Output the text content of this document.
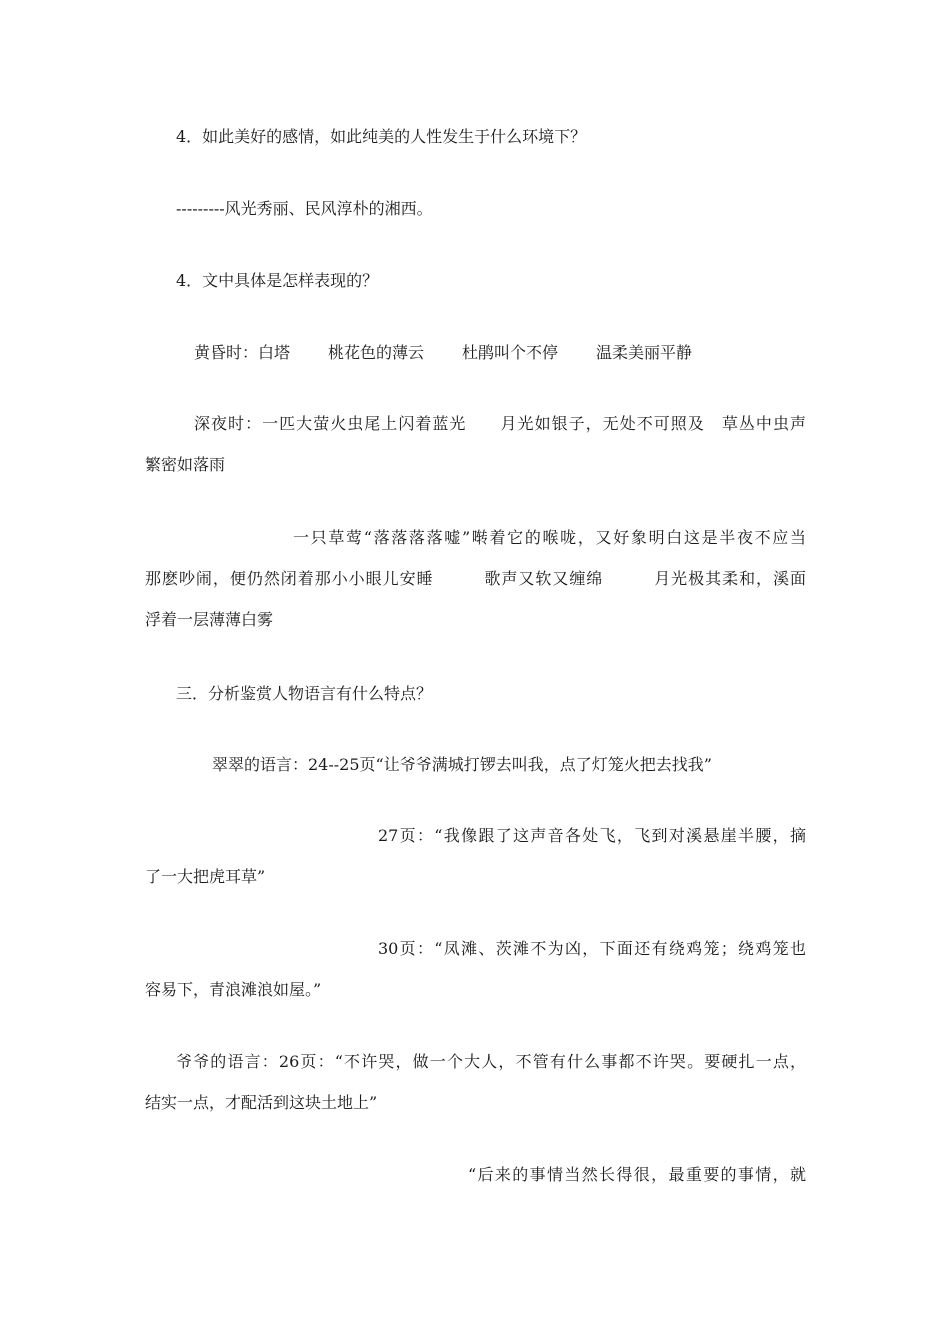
4．如此美好的感情，如此纯美的人性发生于什么环境下？
---------风光秀丽、民风淳朴的湘西。
4．文中具体是怎样表现的？
黄昏时：白塔 桃花色的薄云 杜鹃叫个不停 温柔美丽平静
深夜时：一匹大萤火虫尾上闪着蓝光　　月光如银子，无处不可照及　草丛中虫声
繁密如落雨
一只草莺“落落落落嘘”啭着它的喉咙，又好象明白这是半夜不应当
那麽吵闹，便仍然闭着那小小眼儿安睡　　　歌声又软又缠绵　　　月光极其柔和，溪面
浮着一层薄薄白雾
三．分析鉴赏人物语言有什么特点？
翠翠的语言：24--25页“让爷爷满城打锣去叫我，点了灯笼火把去找我”
27页：“我像跟了这声音各处飞，飞到对溪悬崖半腰，摘
了一大把虎耳草”
30页：“凤滩、茨滩不为凶，下面还有绕鸡笼；绕鸡笼也
容易下，青浪滩浪如屋。”
爷爷的语言：26页：“不许哭，做一个大人，不管有什么事都不许哭。要硬扎一点，
结实一点，才配活到这块土地上”
“后来的事情当然长得很，最重要的事情，就
